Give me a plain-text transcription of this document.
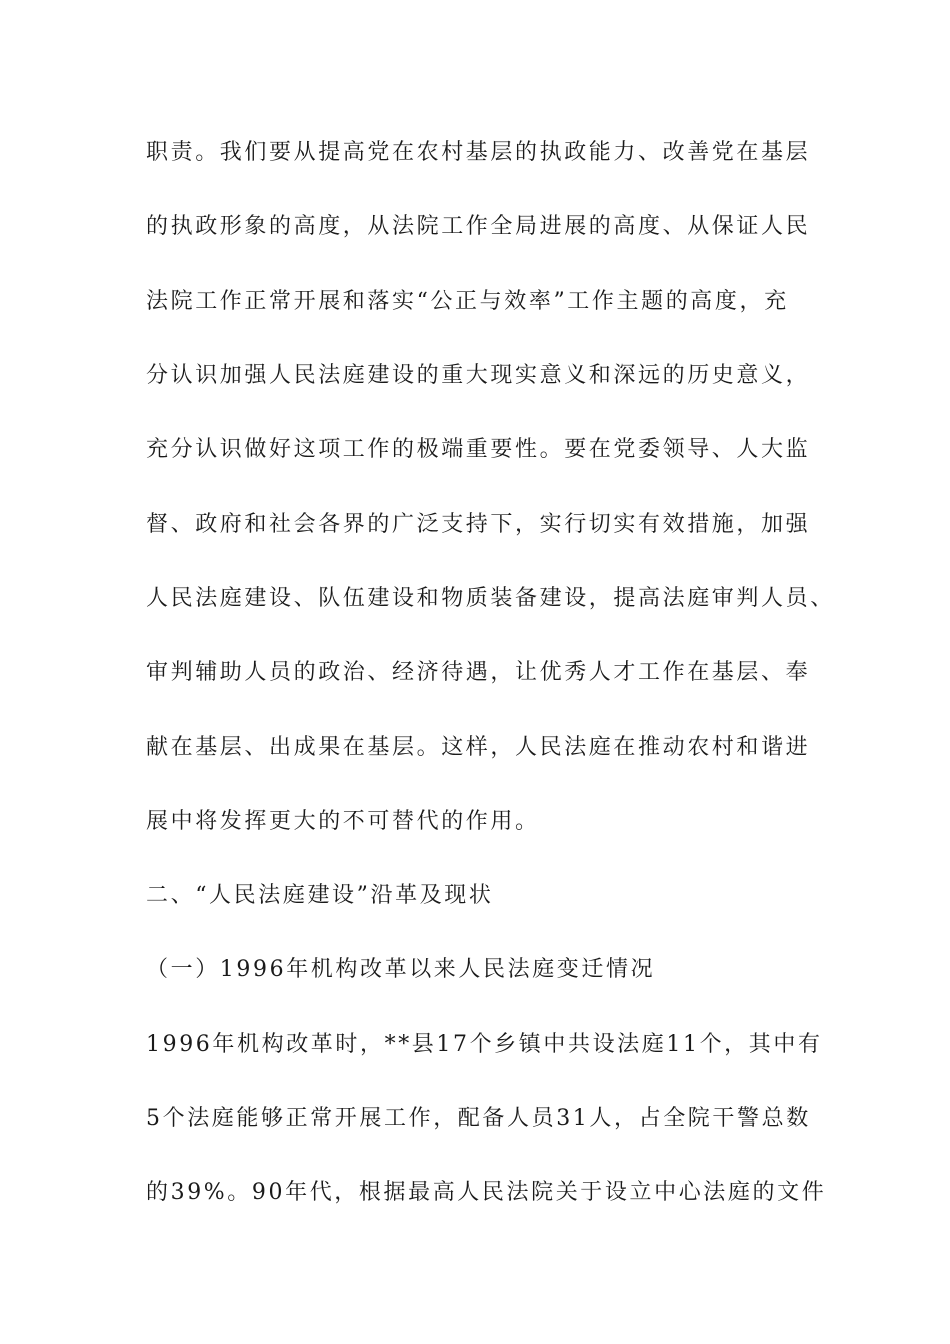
职责。我们要从提高党在农村基层的执政能力、改善党在基层

的执政形象的高度，从法院工作全局进展的高度、从保证人民

法院工作正常开展和落实“公正与效率”工作主题的高度，充

分认识加强人民法庭建设的重大现实意义和深远的历史意义，

充分认识做好这项工作的极端重要性。要在党委领导、人大监

督、政府和社会各界的广泛支持下，实行切实有效措施，加强

人民法庭建设、队伍建设和物质装备建设，提高法庭审判人员、

审判辅助人员的政治、经济待遇，让优秀人才工作在基层、奉

献在基层、出成果在基层。这样，人民法庭在推动农村和谐进

展中将发挥更大的不可替代的作用。

二、“人民法庭建设”沿革及现状

（一）1996年机构改革以来人民法庭变迁情况

1996年机构改革时，**县17个乡镇中共设法庭11个，其中有

5个法庭能够正常开展工作，配备人员31人，占全院干警总数

的39%。90年代，根据最高人民法院关于设立中心法庭的文件
